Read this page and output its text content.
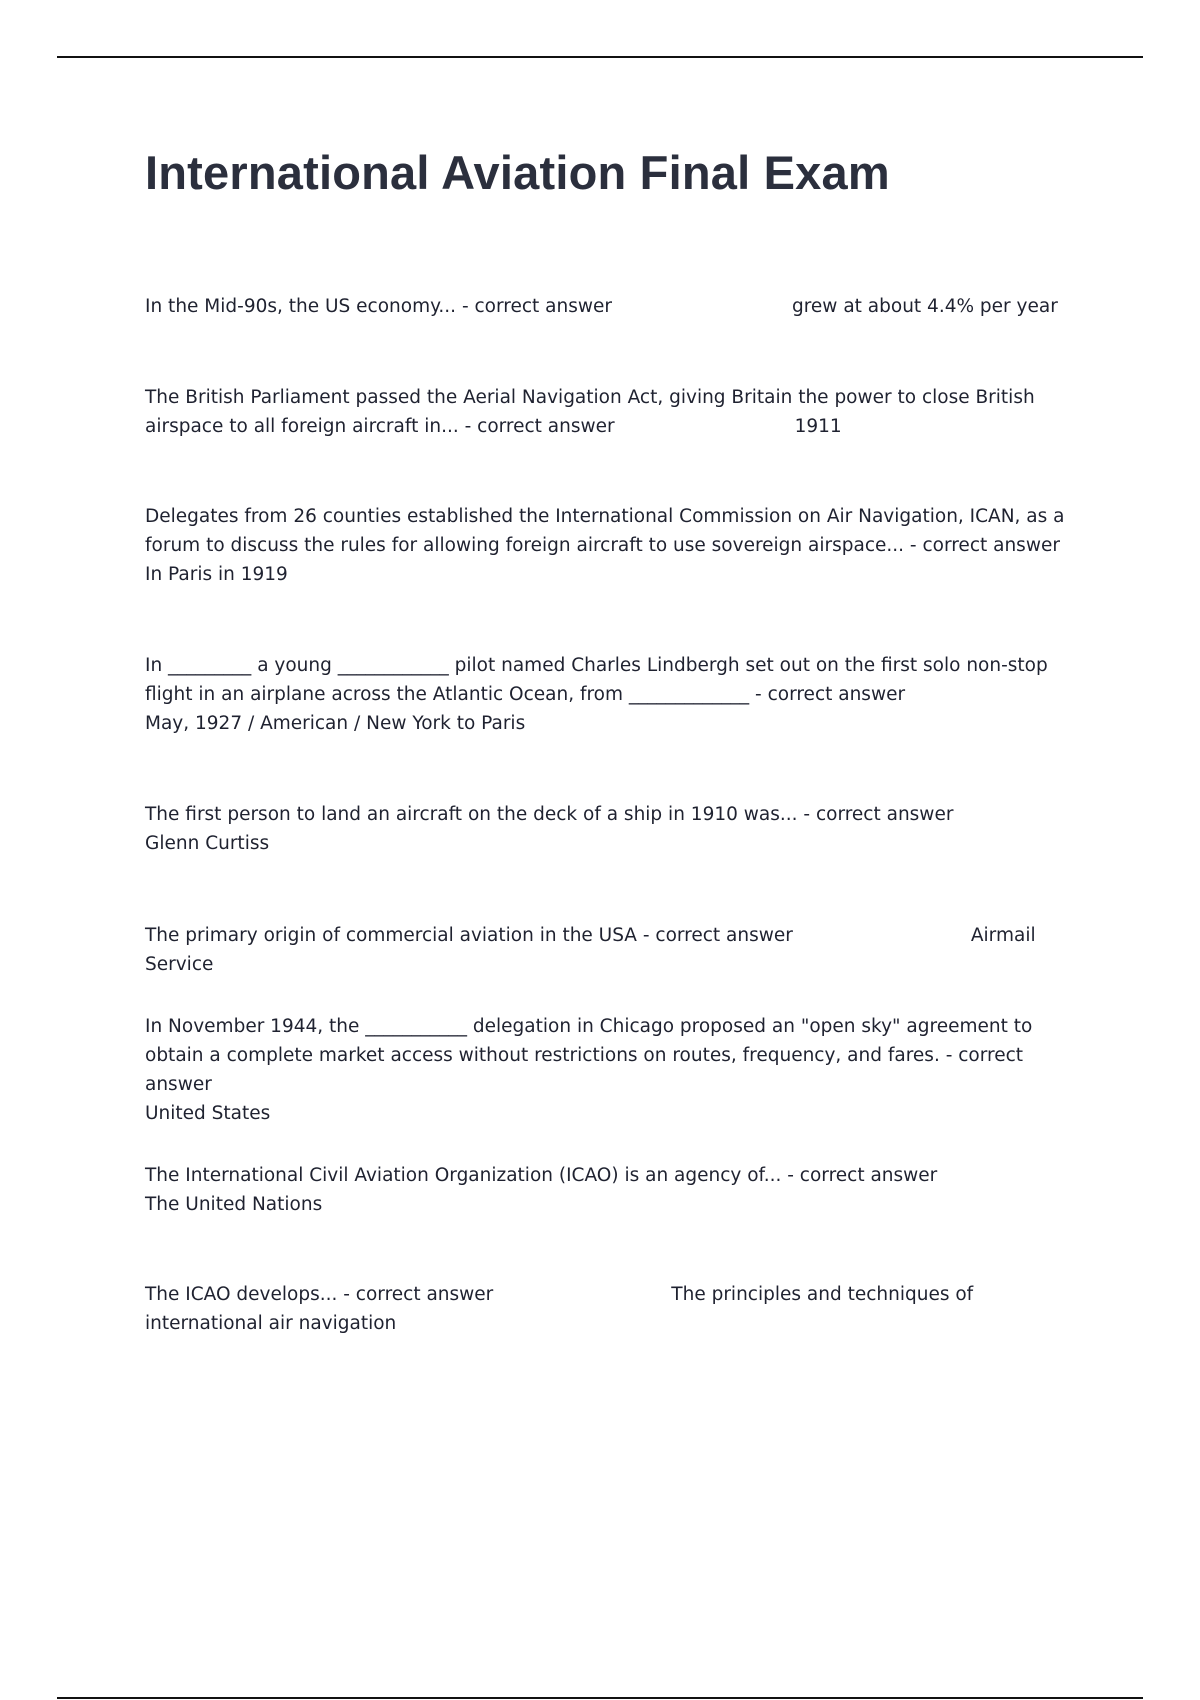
International Aviation Final Exam

In the Mid-90s, the US economy... - correct answer	grew at about 4.4% per year

The British Parliament passed the Aerial Navigation Act, giving Britain the power to close British airspace to all foreign aircraft in... - correct answer	1911

Delegates from 26 counties established the International Commission on Air Navigation, ICAN, as a forum to discuss the rules for allowing foreign aircraft to use sovereign airspace... - correct answer
In Paris in 1919

In _________ a young ____________ pilot named Charles Lindbergh set out on the first solo non-stop flight in an airplane across the Atlantic Ocean, from _____________ - correct answer
May, 1927 / American / New York to Paris

The first person to land an aircraft on the deck of a ship in 1910 was... - correct answer
Glenn Curtiss

The primary origin of commercial aviation in the USA - correct answer	Airmail Service

In November 1944, the ___________ delegation in Chicago proposed an "open sky" agreement to obtain a complete market access without restrictions on routes, frequency, and fares. - correct answer
United States

The International Civil Aviation Organization (ICAO) is an agency of... - correct answer
The United Nations

The ICAO develops... - correct answer	The principles and techniques of international air navigation
